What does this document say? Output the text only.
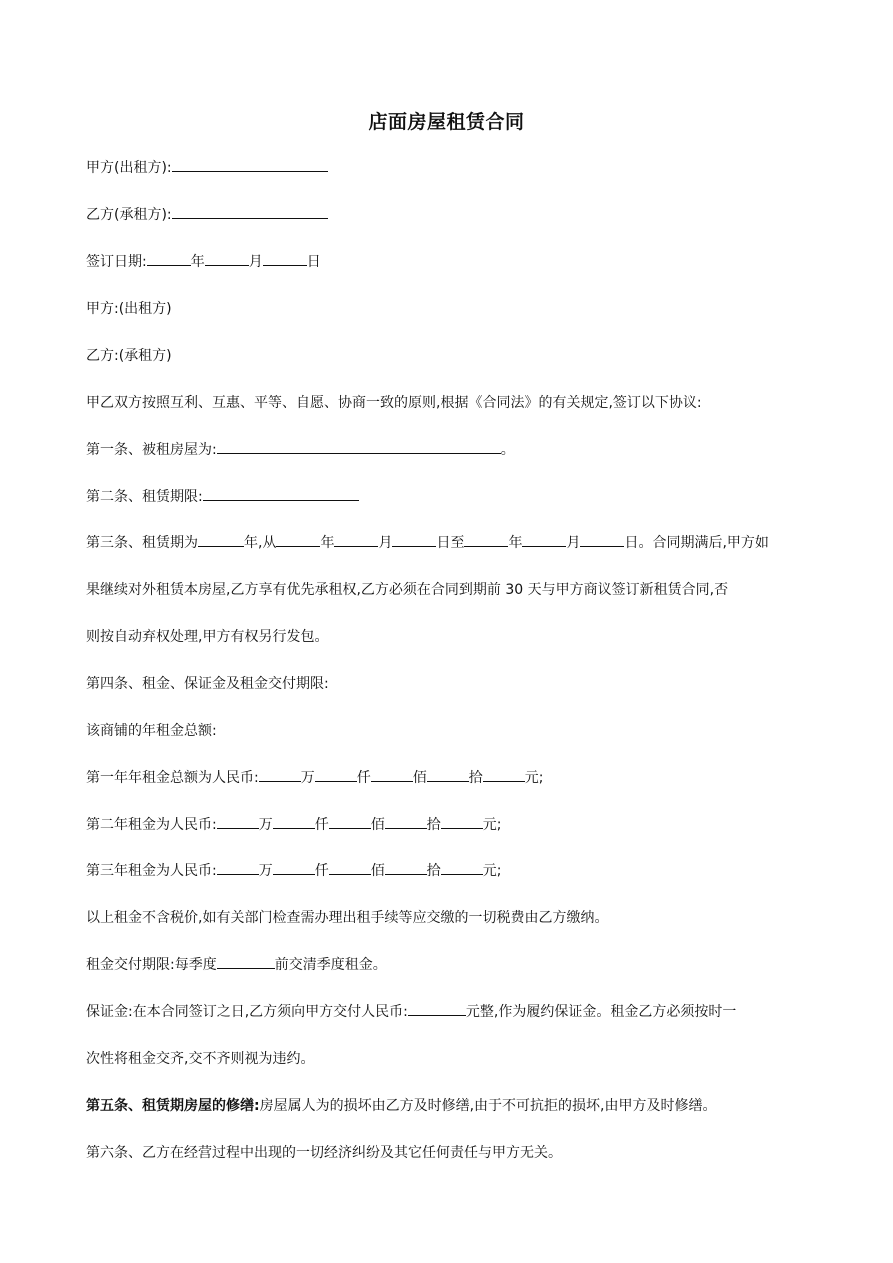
店面房屋租赁合同
甲方(出租方):
乙方(承租方):
签订日期:	年	月	日
甲方:(出租方)
乙方:(承租方)
甲乙双方按照互利、互惠、平等、自愿、协商一致的原则,根据《合同法》的有关规定,签订以下协议:
第一条、被租房屋为:	。
第二条、租赁期限:
第三条、租赁期为	年,从	年	月	日至	年	月	日。合同期满后,甲方如
果继续对外租赁本房屋,乙方享有优先承租权,乙方必须在合同到期前 30 天与甲方商议签订新租赁合同,否
则按自动弃权处理,甲方有权另行发包。
第四条、租金、保证金及租金交付期限:
该商铺的年租金总额:
第一年年租金总额为人民币:	万	仟	佰	拾	元;
第二年租金为人民币:	万	仟	佰	拾	元;
第三年租金为人民币:	万	仟	佰	拾	元;
以上租金不含税价,如有关部门检查需办理出租手续等应交缴的一切税费由乙方缴纳。
租金交付期限:每季度	前交清季度租金。
保证金:在本合同签订之日,乙方须向甲方交付人民币:	元整,作为履约保证金。租金乙方必须按时一
次性将租金交齐,交不齐则视为违约。
第五条、租赁期房屋的修缮:房屋属人为的损坏由乙方及时修缮,由于不可抗拒的损坏,由甲方及时修缮。
第六条、乙方在经营过程中出现的一切经济纠纷及其它任何责任与甲方无关。
